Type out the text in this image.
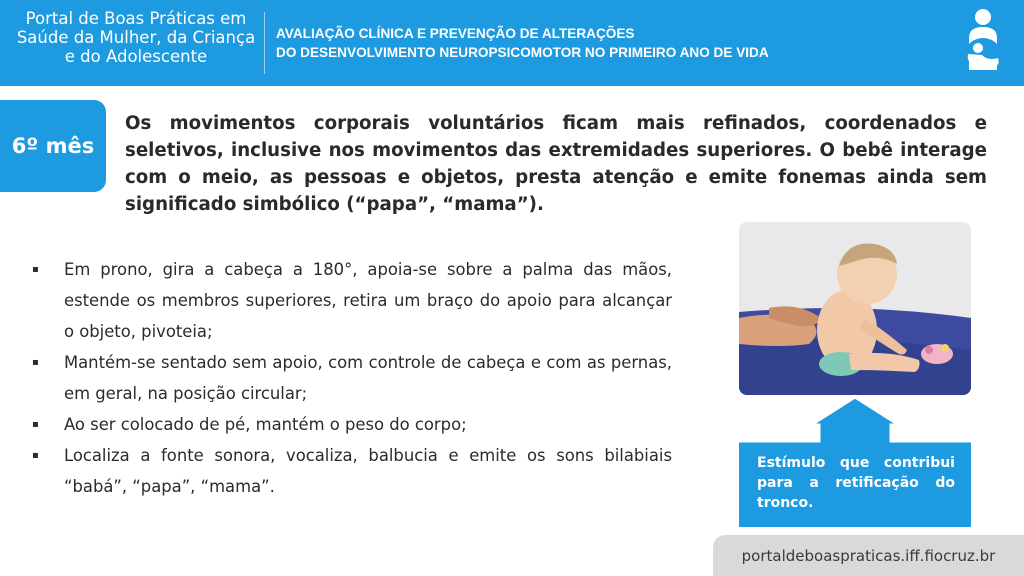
Portal de Boas Práticas em
Saúde da Mulher, da Criança
e do Adolescente
AVALIAÇÃO CLÍNICA E PREVENÇÃO DE ALTERAÇÕES
DO DESENVOLVIMENTO NEUROPSICOMOTOR NO PRIMEIRO ANO DE VIDA
6º mês

Os movimentos corporais voluntários ficam mais refinados, coordenados e seletivos, inclusive nos movimentos das extremidades superiores. O bebê interage com o meio, as pessoas e objetos, presta atenção e emite fonemas ainda sem significado simbólico (“papa”, “mama”).

▪ Em prono, gira a cabeça a 180°, apoia-se sobre a palma das mãos, estende os membros superiores, retira um braço do apoio para alcançar o objeto, pivoteia;
▪ Mantém-se sentado sem apoio, com controle de cabeça e com as pernas, em geral, na posição circular;
▪ Ao ser colocado de pé, mantém o peso do corpo;
▪ Localiza a fonte sonora, vocaliza, balbucia e emite os sons bilabiais “babá”, “papa”, “mama”.

Estímulo que contribui para a retificação do tronco.

portaldeboaspraticas.iff.fiocruz.br
